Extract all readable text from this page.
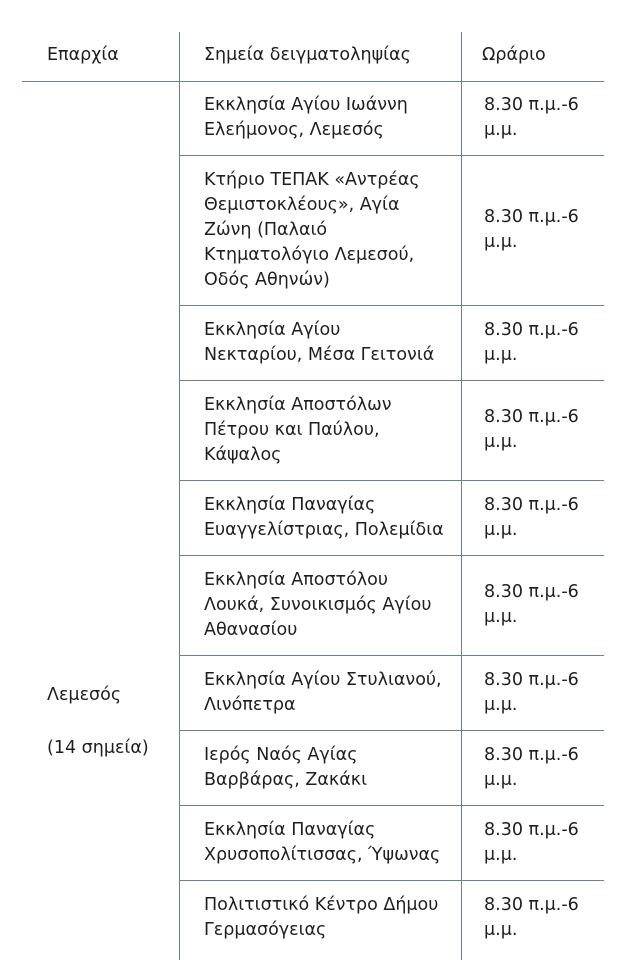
Επαρχία	Σημεία δειγματοληψίας	Ωράριο
Λεμεσός
(14 σημεία)
Εκκλησία Αγίου Ιωάννη
Ελεήμονος, Λεμεσός
8.30 π.μ.-6
μ.μ.
Κτήριο ΤΕΠΑΚ «Αντρέας
Θεμιστοκλέους», Αγία
Ζώνη (Παλαιό
Κτηματολόγιο Λεμεσού,
Οδός Αθηνών)
8.30 π.μ.-6
μ.μ.
Εκκλησία Αγίου
Νεκταρίου, Μέσα Γειτονιά
8.30 π.μ.-6
μ.μ.
Εκκλησία Αποστόλων
Πέτρου και Παύλου,
Κάψαλος
8.30 π.μ.-6
μ.μ.
Εκκλησία Παναγίας
Ευαγγελίστριας, Πολεμίδια
8.30 π.μ.-6
μ.μ.
Εκκλησία Αποστόλου
Λουκά, Συνοικισμός Αγίου
Αθανασίου
8.30 π.μ.-6
μ.μ.
Εκκλησία Αγίου Στυλιανού,
Λινόπετρα
8.30 π.μ.-6
μ.μ.
Ιερός Ναός Αγίας
Βαρβάρας, Ζακάκι
8.30 π.μ.-6
μ.μ.
Εκκλησία Παναγίας
Χρυσοπολίτισσας, Ύψωνας
8.30 π.μ.-6
μ.μ.
Πολιτιστικό Κέντρο Δήμου
Γερμασόγειας
8.30 π.μ.-6
μ.μ.
